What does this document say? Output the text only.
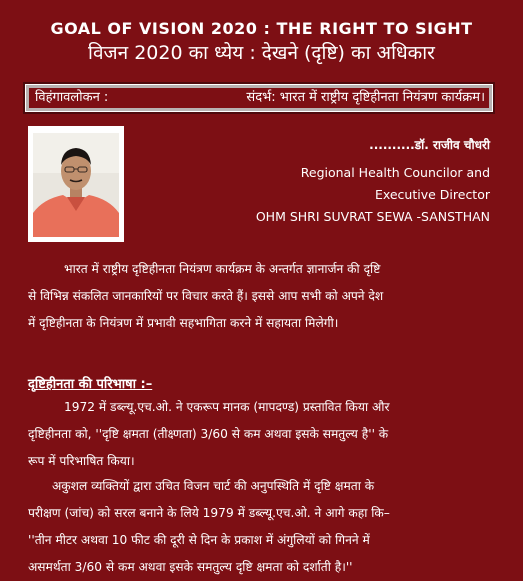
GOAL OF VISION 2020 : THE RIGHT TO SIGHT
विजन 2020 का ध्येय : देखने (दृष्टि) का अधिकार
विहंगावलोकन :	संदर्भ: भारत में राष्ट्रीय दृष्टिहीनता नियंत्रण कार्यक्रम।
..........डॉ. राजीव चौधरी
Regional Health Councilor and
Executive Director
OHM SHRI SUVRAT SEWA -SANSTHAN
भारत में राष्ट्रीय दृष्टिहीनता नियंत्रण कार्यक्रम के अन्तर्गत ज्ञानार्जन की दृष्टि
से विभिन्न संकलित जानकारियों पर विचार करते हैं। इससे आप सभी को अपने देश
में दृष्टिहीनता के नियंत्रण में प्रभावी सहभागिता करने में सहायता मिलेगी।
दृष्टिहीनता की परिभाषा :–
1972 में डब्ल्यू.एच.ओ. ने एकरूप मानक (मापदण्ड) प्रस्तावित किया और
दृष्टिहीनता को, ''दृष्टि क्षमता (तीक्ष्णता) 3/60 से कम अथवा इसके समतुल्य है'' के
रूप में परिभाषित किया।
अकुशल व्यक्तियों द्वारा उचित विजन चार्ट की अनुपस्थिति में दृष्टि क्षमता के
परीक्षण (जांच) को सरल बनाने के लिये 1979 में डब्ल्यू.एच.ओ. ने आगे कहा कि–
''तीन मीटर अथवा 10 फीट की दूरी से दिन के प्रकाश में अंगुलियों को गिनने में
असमर्थता 3/60 से कम अथवा इसके समतुल्य दृष्टि क्षमता को दर्शाती है।''
